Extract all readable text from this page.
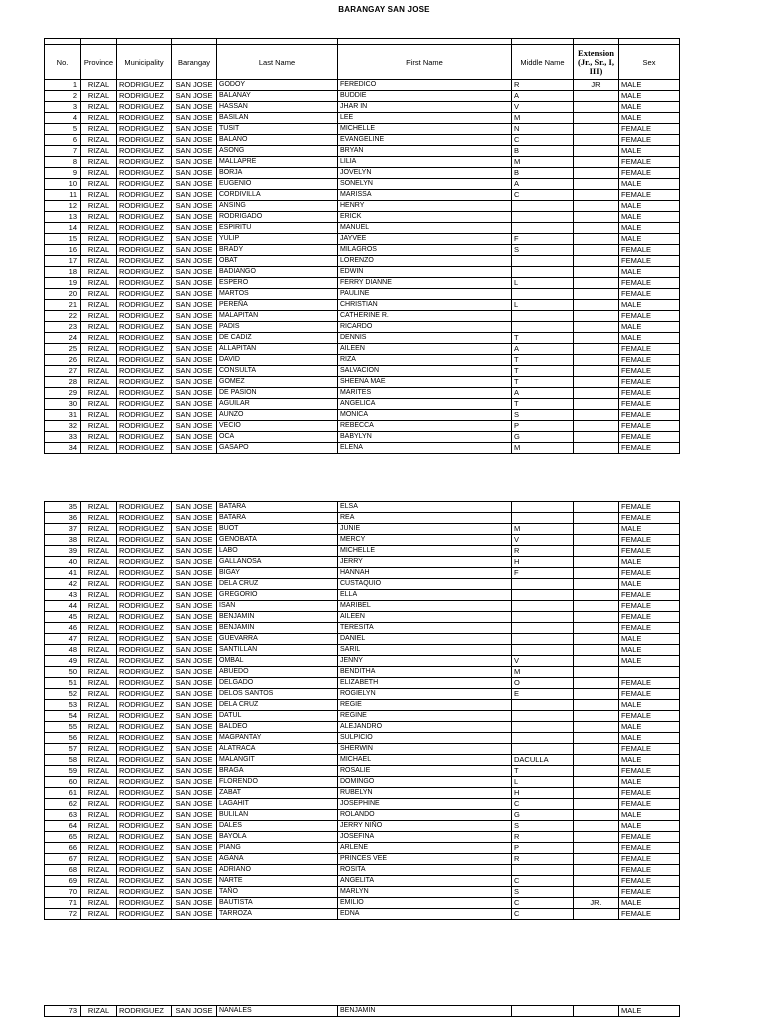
BARANGAY SAN JOSE

No.	Province	Municipality	Barangay	Last Name	First Name	Middle Name	Extension
(Jr., Sr., I,
III)	Sex
1	RIZAL	RODRIGUEZ	SAN JOSE	GODOY	FEREDICO	R	JR	MALE
2	RIZAL	RODRIGUEZ	SAN JOSE	BALANAY	BUDDIE	A		MALE
3	RIZAL	RODRIGUEZ	SAN JOSE	HASSAN	JHAR IN	V		MALE
4	RIZAL	RODRIGUEZ	SAN JOSE	BASILAN	LEE	M		MALE
5	RIZAL	RODRIGUEZ	SAN JOSE	TUSIT	MICHELLE	N		FEMALE
6	RIZAL	RODRIGUEZ	SAN JOSE	BALANO	EVANGELINE	C		FEMALE
7	RIZAL	RODRIGUEZ	SAN JOSE	ASONG	BRYAN	B		MALE
8	RIZAL	RODRIGUEZ	SAN JOSE	MALLAPRE	LILIA	M		FEMALE
9	RIZAL	RODRIGUEZ	SAN JOSE	BORJA	JOVELYN	B		FEMALE
10	RIZAL	RODRIGUEZ	SAN JOSE	EUGENIO	SONELYN	A		MALE
11	RIZAL	RODRIGUEZ	SAN JOSE	CORDIVILLA	MARISSA	C		FEMALE
12	RIZAL	RODRIGUEZ	SAN JOSE	ANSING	HENRY			MALE
13	RIZAL	RODRIGUEZ	SAN JOSE	RODRIGADO	ERICK			MALE
14	RIZAL	RODRIGUEZ	SAN JOSE	ESPIRITU	MANUEL			MALE
15	RIZAL	RODRIGUEZ	SAN JOSE	YULIP	JAYVEE	F		MALE
16	RIZAL	RODRIGUEZ	SAN JOSE	BRADY	MILAGROS	S		FEMALE
17	RIZAL	RODRIGUEZ	SAN JOSE	OBAT	LORENZO			FEMALE
18	RIZAL	RODRIGUEZ	SAN JOSE	BADIANGO	EDWIN			MALE
19	RIZAL	RODRIGUEZ	SAN JOSE	ESPERO	FERRY DIANNE	L		FEMALE
20	RIZAL	RODRIGUEZ	SAN JOSE	MARTOS	PAULINE			FEMALE
21	RIZAL	RODRIGUEZ	SAN JOSE	PEREÑA	CHRISTIAN	L		MALE
22	RIZAL	RODRIGUEZ	SAN JOSE	MALAPITAN	CATHERINE R.			FEMALE
23	RIZAL	RODRIGUEZ	SAN JOSE	PADIS	RICARDO			MALE
24	RIZAL	RODRIGUEZ	SAN JOSE	DE CADIZ	DENNIS	T		MALE
25	RIZAL	RODRIGUEZ	SAN JOSE	ALLAPITAN	AILEEN	A		FEMALE
26	RIZAL	RODRIGUEZ	SAN JOSE	DAVID	RIZA	T		FEMALE
27	RIZAL	RODRIGUEZ	SAN JOSE	CONSULTA	SALVACION	T		FEMALE
28	RIZAL	RODRIGUEZ	SAN JOSE	GOMEZ	SHEENA MAE	T		FEMALE
29	RIZAL	RODRIGUEZ	SAN JOSE	DE PASION	MARITES	A		FEMALE
30	RIZAL	RODRIGUEZ	SAN JOSE	AGUILAR	ANGELICA	T		FEMALE
31	RIZAL	RODRIGUEZ	SAN JOSE	AUNZO	MONICA	S		FEMALE
32	RIZAL	RODRIGUEZ	SAN JOSE	VECIO	REBECCA	P		FEMALE
33	RIZAL	RODRIGUEZ	SAN JOSE	OCA	BABYLYN	G		FEMALE
34	RIZAL	RODRIGUEZ	SAN JOSE	GASAPO	ELENA	M		FEMALE
35	RIZAL	RODRIGUEZ	SAN JOSE	BATARA	ELSA			FEMALE
36	RIZAL	RODRIGUEZ	SAN JOSE	BATARA	REA			FEMALE
37	RIZAL	RODRIGUEZ	SAN JOSE	BUOT	JUNIE	M		MALE
38	RIZAL	RODRIGUEZ	SAN JOSE	GENOBATA	MERCY	V		FEMALE
39	RIZAL	RODRIGUEZ	SAN JOSE	LABO	MICHELLE	R		FEMALE
40	RIZAL	RODRIGUEZ	SAN JOSE	GALLANOSA	JERRY	H		MALE
41	RIZAL	RODRIGUEZ	SAN JOSE	BIGAY	HANNAH	F		FEMALE
42	RIZAL	RODRIGUEZ	SAN JOSE	DELA CRUZ	CUSTAQUIO			MALE
43	RIZAL	RODRIGUEZ	SAN JOSE	GREGORIO	ELLA			FEMALE
44	RIZAL	RODRIGUEZ	SAN JOSE	ISAN	MARIBEL			FEMALE
45	RIZAL	RODRIGUEZ	SAN JOSE	BENJAMIN	AILEEN			FEMALE
46	RIZAL	RODRIGUEZ	SAN JOSE	BENJAMIN	TERESITA			FEMALE
47	RIZAL	RODRIGUEZ	SAN JOSE	GUEVARRA	DANIEL			MALE
48	RIZAL	RODRIGUEZ	SAN JOSE	SANTILLAN	SARIL			MALE
49	RIZAL	RODRIGUEZ	SAN JOSE	OMBAL	JENNY	V		MALE
50	RIZAL	RODRIGUEZ	SAN JOSE	ABUEDO	BENDITHA	M		
51	RIZAL	RODRIGUEZ	SAN JOSE	DELGADO	ELIZABETH	O		FEMALE
52	RIZAL	RODRIGUEZ	SAN JOSE	DELOS SANTOS	ROGIELYN	E		FEMALE
53	RIZAL	RODRIGUEZ	SAN JOSE	DELA CRUZ	REGIE			MALE
54	RIZAL	RODRIGUEZ	SAN JOSE	DATUL	REGINE			FEMALE
55	RIZAL	RODRIGUEZ	SAN JOSE	BALDEO	ALEJANDRO			MALE
56	RIZAL	RODRIGUEZ	SAN JOSE	MAGPANTAY	SULPICIO			MALE
57	RIZAL	RODRIGUEZ	SAN JOSE	ALATRACA	SHERWIN			FEMALE
58	RIZAL	RODRIGUEZ	SAN JOSE	MALANGIT	MICHAEL	DACULLA		MALE
59	RIZAL	RODRIGUEZ	SAN JOSE	BRAGA	ROSALIE	T		FEMALE
60	RIZAL	RODRIGUEZ	SAN JOSE	FLORENDO	DOMINGO	L		MALE
61	RIZAL	RODRIGUEZ	SAN JOSE	ZABAT	RUBELYN	H		FEMALE
62	RIZAL	RODRIGUEZ	SAN JOSE	LAGAHIT	JOSEPHINE	C		FEMALE
63	RIZAL	RODRIGUEZ	SAN JOSE	BULILAN	ROLANDO	G		MALE
64	RIZAL	RODRIGUEZ	SAN JOSE	DALES	JERRY NIÑO	S		MALE
65	RIZAL	RODRIGUEZ	SAN JOSE	BAYOLA	JOSEFINA	R		FEMALE
66	RIZAL	RODRIGUEZ	SAN JOSE	PIANG	ARLENE	P		FEMALE
67	RIZAL	RODRIGUEZ	SAN JOSE	AGANA	PRINCES VEE	R		FEMALE
68	RIZAL	RODRIGUEZ	SAN JOSE	ADRIANO	ROSITA			FEMALE
69	RIZAL	RODRIGUEZ	SAN JOSE	NARTE	ANGELITA	C		FEMALE
70	RIZAL	RODRIGUEZ	SAN JOSE	TAÑO	MARLYN	S		FEMALE
71	RIZAL	RODRIGUEZ	SAN JOSE	BAUTISTA	EMILIO	C	JR.	MALE
72	RIZAL	RODRIGUEZ	SAN JOSE	TARROZA	EDNA	C		FEMALE
73	RIZAL	RODRIGUEZ	SAN JOSE	NANALES	BENJAMIN			MALE
